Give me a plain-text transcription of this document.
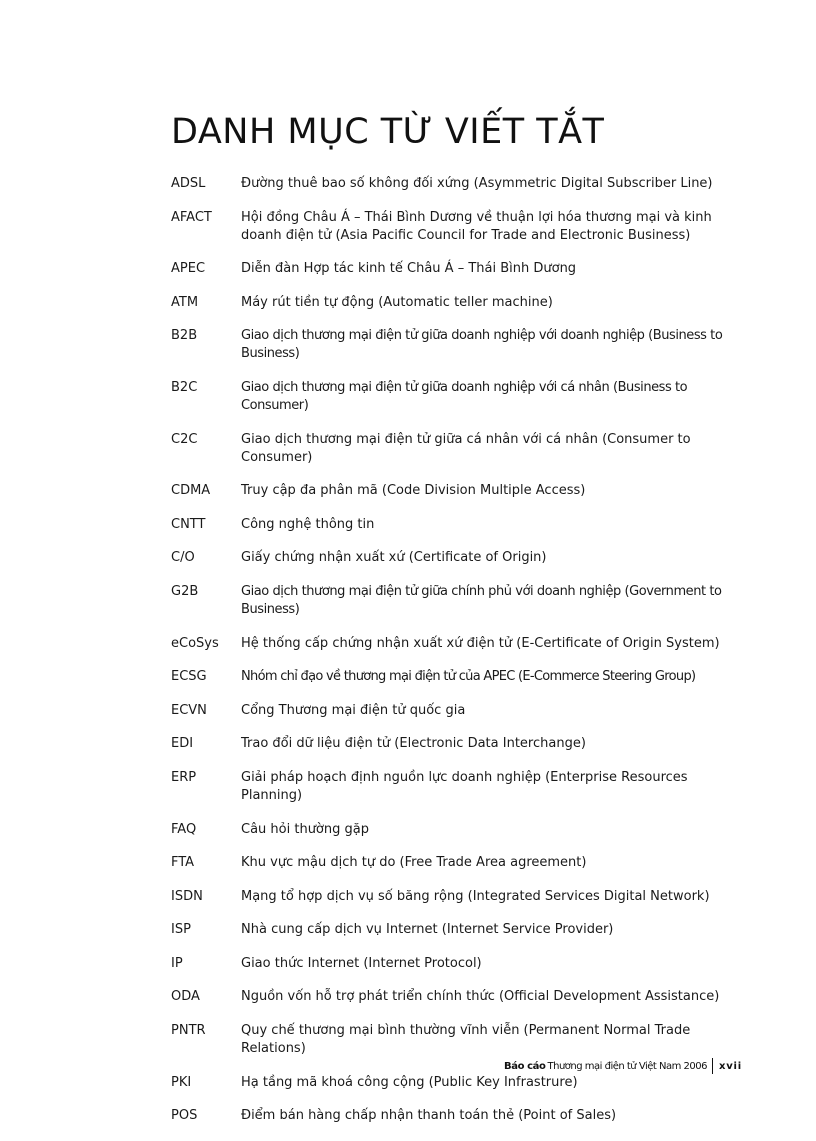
DANH MỤC TỪ VIẾT TẮT
ADSL	Đường thuê bao số không đối xứng (Asymmetric Digital Subscriber Line)
AFACT	Hội đồng Châu Á – Thái Bình Dương về thuận lợi hóa thương mại và kinh doanh điện tử (Asia Pacific Council for Trade and Electronic Business)
APEC	Diễn đàn Hợp tác kinh tế Châu Á – Thái Bình Dương
ATM	Máy rút tiền tự động (Automatic teller machine)
B2B	Giao dịch thương mại điện tử giữa doanh nghiệp với doanh nghiệp (Business to Business)
B2C	Giao dịch thương mại điện tử giữa doanh nghiệp với cá nhân (Business to Consumer)
C2C	Giao dịch thương mại điện tử giữa cá nhân với cá nhân (Consumer to Consumer)
CDMA	Truy cập đa phân mã (Code Division Multiple Access)
CNTT	Công nghệ thông tin
C/O	Giấy chứng nhận xuất xứ (Certificate of Origin)
G2B	Giao dịch thương mại điện tử giữa chính phủ với doanh nghiệp (Government to Business)
eCoSys	Hệ thống cấp chứng nhận xuất xứ điện tử (E-Certificate of Origin System)
ECSG	Nhóm chỉ đạo về thương mại điện tử của APEC (E-Commerce Steering Group)
ECVN	Cổng Thương mại điện tử quốc gia
EDI	Trao đổi dữ liệu điện tử (Electronic Data Interchange)
ERP	Giải pháp hoạch định nguồn lực doanh nghiệp (Enterprise Resources Planning)
FAQ	Câu hỏi thường gặp
FTA	Khu vực mậu dịch tự do (Free Trade Area agreement)
ISDN	Mạng tổ hợp dịch vụ số băng rộng (Integrated Services Digital Network)
ISP	Nhà cung cấp dịch vụ Internet (Internet Service Provider)
IP	Giao thức Internet (Internet Protocol)
ODA	Nguồn vốn hỗ trợ phát triển chính thức (Official Development Assistance)
PNTR	Quy chế thương mại bình thường vĩnh viễn (Permanent Normal Trade Relations)
PKI	Hạ tầng mã khoá công cộng (Public Key Infrastrure)
POS	Điểm bán hàng chấp nhận thanh toán thẻ (Point of Sales)
Báo cáo Thương mại điện tử Việt Nam 2006 xvii
